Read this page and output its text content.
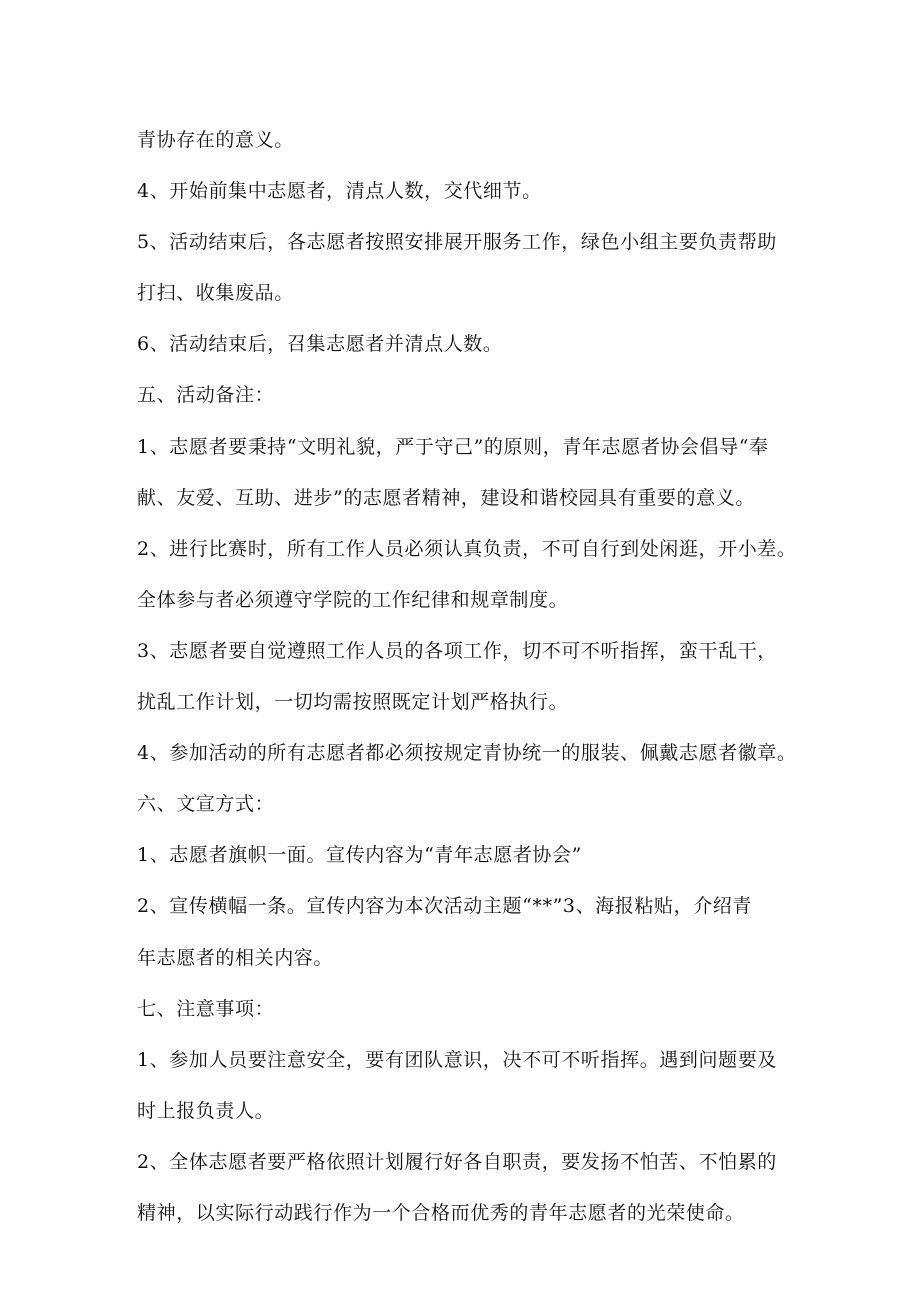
青协存在的意义。
4、开始前集中志愿者，清点人数，交代细节。
5、活动结束后，各志愿者按照安排展开服务工作，绿色小组主要负责帮助
打扫、收集废品。
6、活动结束后，召集志愿者并清点人数。
五、活动备注：
1、志愿者要秉持“文明礼貌，严于守己”的原则，青年志愿者协会倡导“奉
献、友爱、互助、进步”的志愿者精神，建设和谐校园具有重要的意义。
2、进行比赛时，所有工作人员必须认真负责，不可自行到处闲逛，开小差。
全体参与者必须遵守学院的工作纪律和规章制度。
3、志愿者要自觉遵照工作人员的各项工作，切不可不听指挥，蛮干乱干，
扰乱工作计划，一切均需按照既定计划严格执行。
4、参加活动的所有志愿者都必须按规定青协统一的服装、佩戴志愿者徽章。
六、文宣方式：
1、志愿者旗帜一面。宣传内容为“青年志愿者协会”
2、宣传横幅一条。宣传内容为本次活动主题“**”3、海报粘贴，介绍青
年志愿者的相关内容。
七、注意事项：
1、参加人员要注意安全，要有团队意识，决不可不听指挥。遇到问题要及
时上报负责人。
2、全体志愿者要严格依照计划履行好各自职责，要发扬不怕苦、不怕累的
精神，以实际行动践行作为一个合格而优秀的青年志愿者的光荣使命。
